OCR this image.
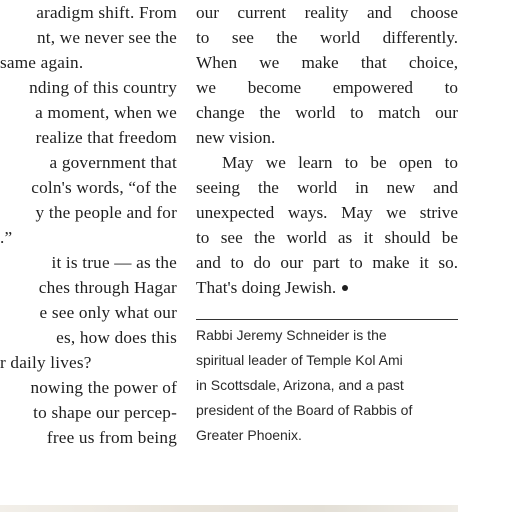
aradigm shift. From
nt, we never see the
same again.
nding of this country
a moment, when we
realize that freedom
a government that
coln's words, “of the
y the people and for
.”
it is true — as the
ches through Hagar
e see only what our
es, how does this
r daily lives?
nowing the power of
to shape our percep-
free us from being
our current reality and choose
to see the world differently.
When we make that choice,
we become empowered to
change the world to match our
new vision.
May we learn to be open to
seeing the world in new and
unexpected ways. May we strive
to see the world as it should be
and to do our part to make it so.
That's doing Jewish.
Rabbi Jeremy Schneider is the
spiritual leader of Temple Kol Ami
in Scottsdale, Arizona, and a past
president of the Board of Rabbis of
Greater Phoenix.
